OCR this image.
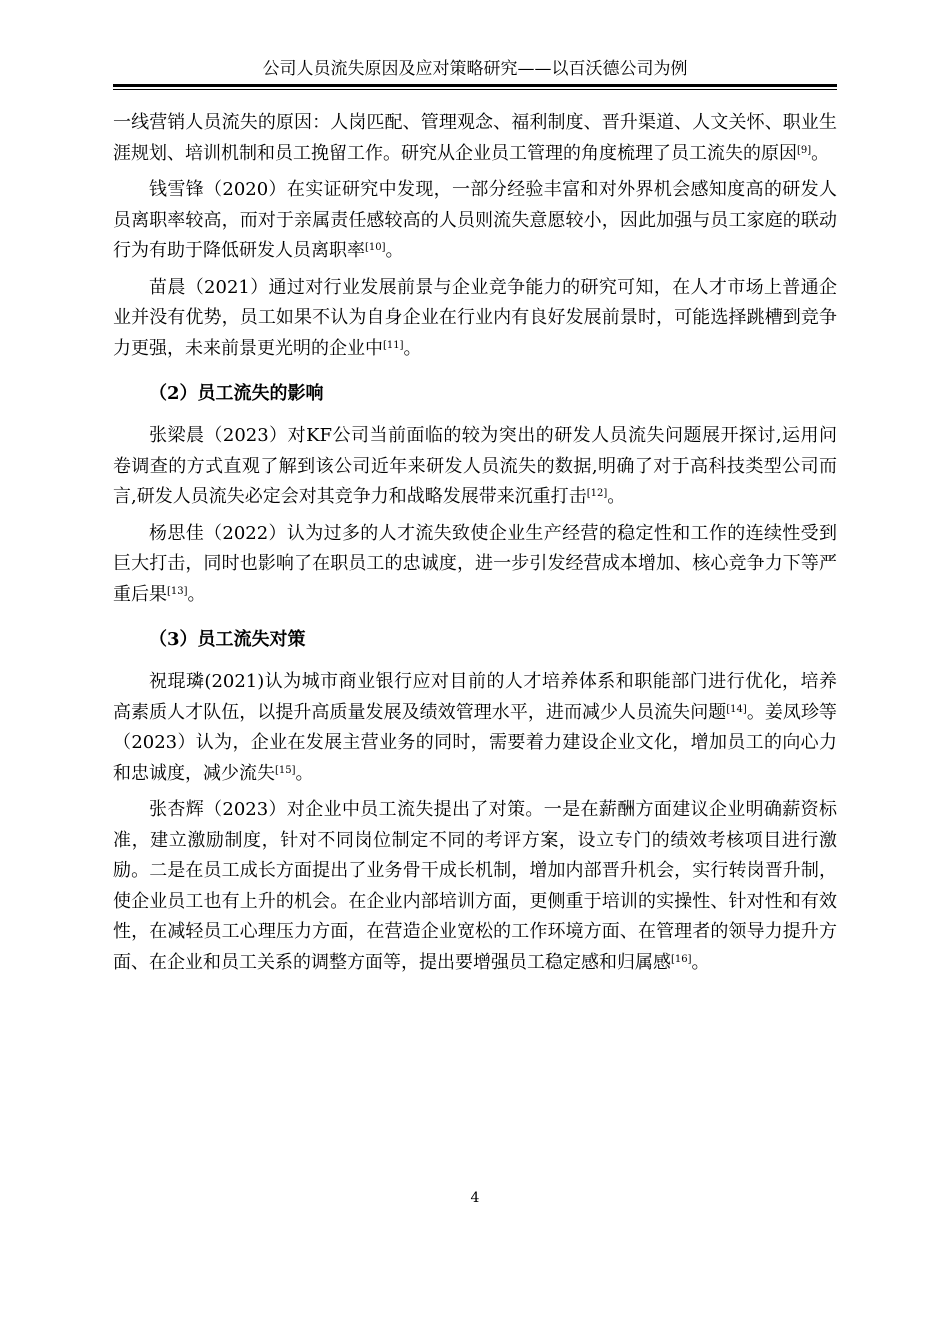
公司人员流失原因及应对策略研究——以百沃德公司为例

一线营销人员流失的原因：人岗匹配、管理观念、福利制度、晋升渠道、人文关怀、职业生涯规划、培训机制和员工挽留工作。研究从企业员工管理的角度梳理了员工流失的原因[9]。

钱雪锋（2020）在实证研究中发现，一部分经验丰富和对外界机会感知度高的研发人员离职率较高，而对于亲属责任感较高的人员则流失意愿较小，因此加强与员工家庭的联动行为有助于降低研发人员离职率[10]。

苗晨（2021）通过对行业发展前景与企业竞争能力的研究可知，在人才市场上普通企业并没有优势，员工如果不认为自身企业在行业内有良好发展前景时，可能选择跳槽到竞争力更强，未来前景更光明的企业中[11]。

（2）员工流失的影响

张梁晨（2023）对KF公司当前面临的较为突出的研发人员流失问题展开探讨,运用问卷调查的方式直观了解到该公司近年来研发人员流失的数据,明确了对于高科技类型公司而言,研发人员流失必定会对其竞争力和战略发展带来沉重打击[12]。

杨思佳（2022）认为过多的人才流失致使企业生产经营的稳定性和工作的连续性受到巨大打击，同时也影响了在职员工的忠诚度，进一步引发经营成本增加、核心竞争力下等严重后果[13]。

（3）员工流失对策

祝琨璘(2021)认为城市商业银行应对目前的人才培养体系和职能部门进行优化，培养高素质人才队伍，以提升高质量发展及绩效管理水平，进而减少人员流失问题[14]。姜凤珍等（2023）认为，企业在发展主营业务的同时，需要着力建设企业文化，增加员工的向心力和忠诚度，减少流失[15]。

张杏辉（2023）对企业中员工流失提出了对策。一是在薪酬方面建议企业明确薪资标准，建立激励制度，针对不同岗位制定不同的考评方案，设立专门的绩效考核项目进行激励。二是在员工成长方面提出了业务骨干成长机制，增加内部晋升机会，实行转岗晋升制，使企业员工也有上升的机会。在企业内部培训方面，更侧重于培训的实操性、针对性和有效性，在减轻员工心理压力方面，在营造企业宽松的工作环境方面、在管理者的领导力提升方面、在企业和员工关系的调整方面等，提出要增强员工稳定感和归属感[16]。

4
